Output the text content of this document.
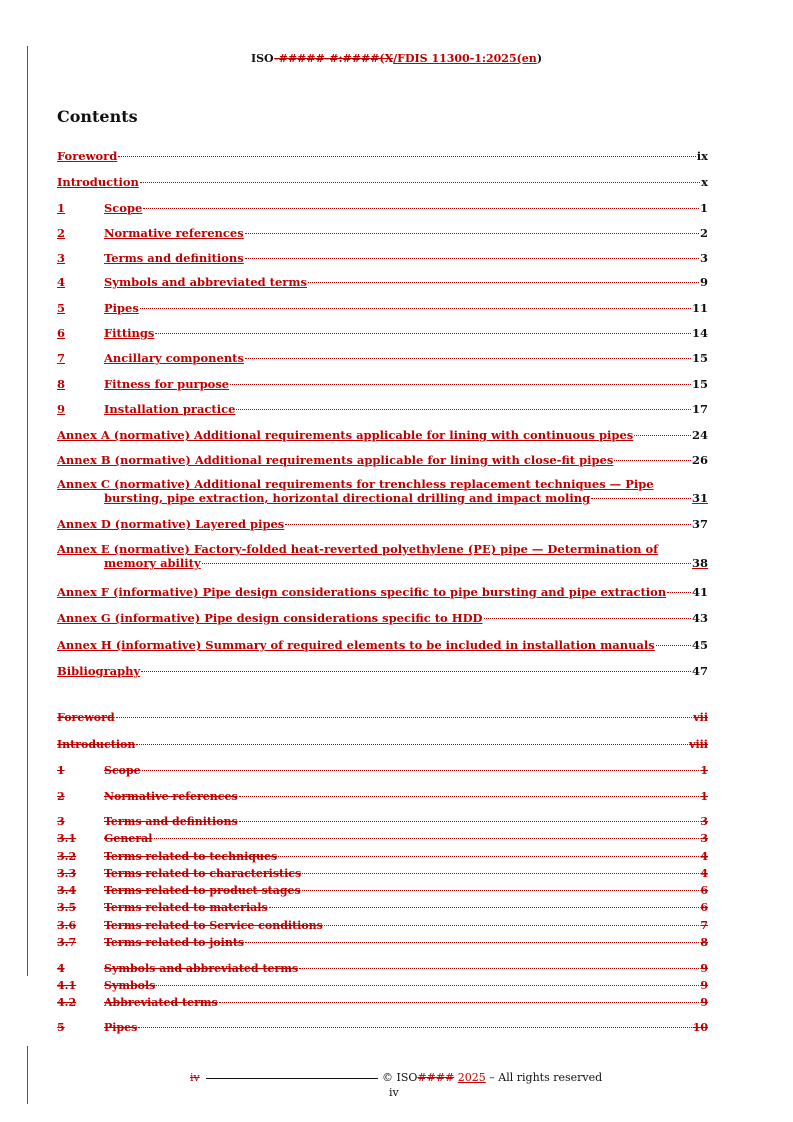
ISO-#####-#:####(X/FDIS 11300-1:2025(en)
Contents
Foreword	ix
Introduction	x
1	Scope	1
2	Normative references	2
3	Terms and definitions	3
4	Symbols and abbreviated terms	9
5	Pipes	11
6	Fittings	14
7	Ancillary components	15
8	Fitness for purpose	15
9	Installation practice	17
Annex A (normative) Additional requirements applicable for lining with continuous pipes	24
Annex B (normative) Additional requirements applicable for lining with close-fit pipes	26
Annex C (normative) Additional requirements for trenchless replacement techniques — Pipe
bursting, pipe extraction, horizontal directional drilling and impact moling	31
Annex D (normative) Layered pipes	37
Annex E (normative) Factory-folded heat-reverted polyethylene (PE) pipe — Determination of
memory ability	38
Annex F (informative) Pipe design considerations specific to pipe bursting and pipe extraction 41
Annex G (informative) Pipe design considerations specific to HDD	43
Annex H (informative) Summary of required elements to be included in installation manuals	45
Bibliography	47
Foreword	vii
Introduction	viii
1	Scope	1
2	Normative references	1
3	Terms and definitions	3
3.1	General	3
3.2	Terms related to techniques	4
3.3	Terms related to characteristics	4
3.4	Terms related to product stages	6
3.5	Terms related to materials	6
3.6	Terms related to Service conditions	7
3.7	Terms related to joints	8
4	Symbols and abbreviated terms	9
4.1	Symbols	9
4.2	Abbreviated terms	9
5	Pipes	10
iv	© ISO#### 2025 – All rights reserved
iv
